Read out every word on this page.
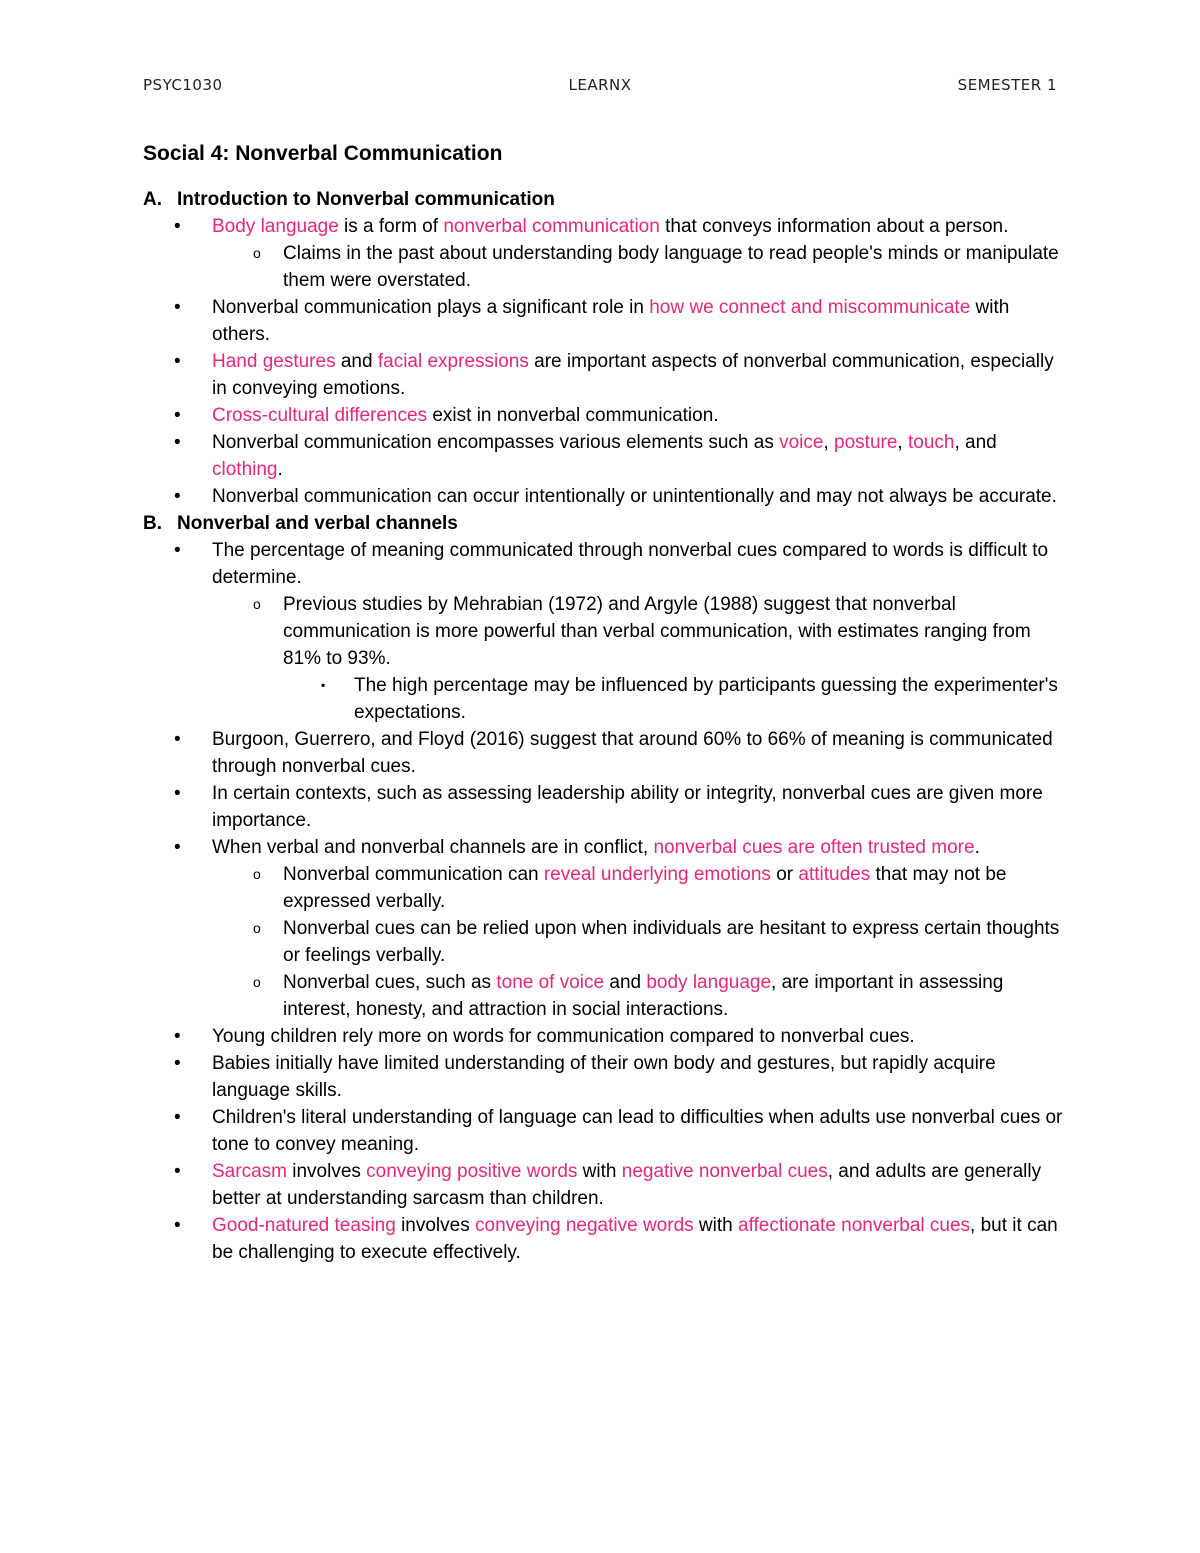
PSYC1030	LEARNX	SEMESTER 1
Social 4: Nonverbal Communication
A. Introduction to Nonverbal communication
• Body language is a form of nonverbal communication that conveys information about a person.
o Claims in the past about understanding body language to read people's minds or manipulate them were overstated.
• Nonverbal communication plays a significant role in how we connect and miscommunicate with others.
• Hand gestures and facial expressions are important aspects of nonverbal communication, especially in conveying emotions.
• Cross-cultural differences exist in nonverbal communication.
• Nonverbal communication encompasses various elements such as voice, posture, touch, and clothing.
• Nonverbal communication can occur intentionally or unintentionally and may not always be accurate.
B. Nonverbal and verbal channels
• The percentage of meaning communicated through nonverbal cues compared to words is difficult to determine.
o Previous studies by Mehrabian (1972) and Argyle (1988) suggest that nonverbal communication is more powerful than verbal communication, with estimates ranging from 81% to 93%.
▪ The high percentage may be influenced by participants guessing the experimenter's expectations.
• Burgoon, Guerrero, and Floyd (2016) suggest that around 60% to 66% of meaning is communicated through nonverbal cues.
• In certain contexts, such as assessing leadership ability or integrity, nonverbal cues are given more importance.
• When verbal and nonverbal channels are in conflict, nonverbal cues are often trusted more.
o Nonverbal communication can reveal underlying emotions or attitudes that may not be expressed verbally.
o Nonverbal cues can be relied upon when individuals are hesitant to express certain thoughts or feelings verbally.
o Nonverbal cues, such as tone of voice and body language, are important in assessing interest, honesty, and attraction in social interactions.
• Young children rely more on words for communication compared to nonverbal cues.
• Babies initially have limited understanding of their own body and gestures, but rapidly acquire language skills.
• Children's literal understanding of language can lead to difficulties when adults use nonverbal cues or tone to convey meaning.
• Sarcasm involves conveying positive words with negative nonverbal cues, and adults are generally better at understanding sarcasm than children.
• Good-natured teasing involves conveying negative words with affectionate nonverbal cues, but it can be challenging to execute effectively.
